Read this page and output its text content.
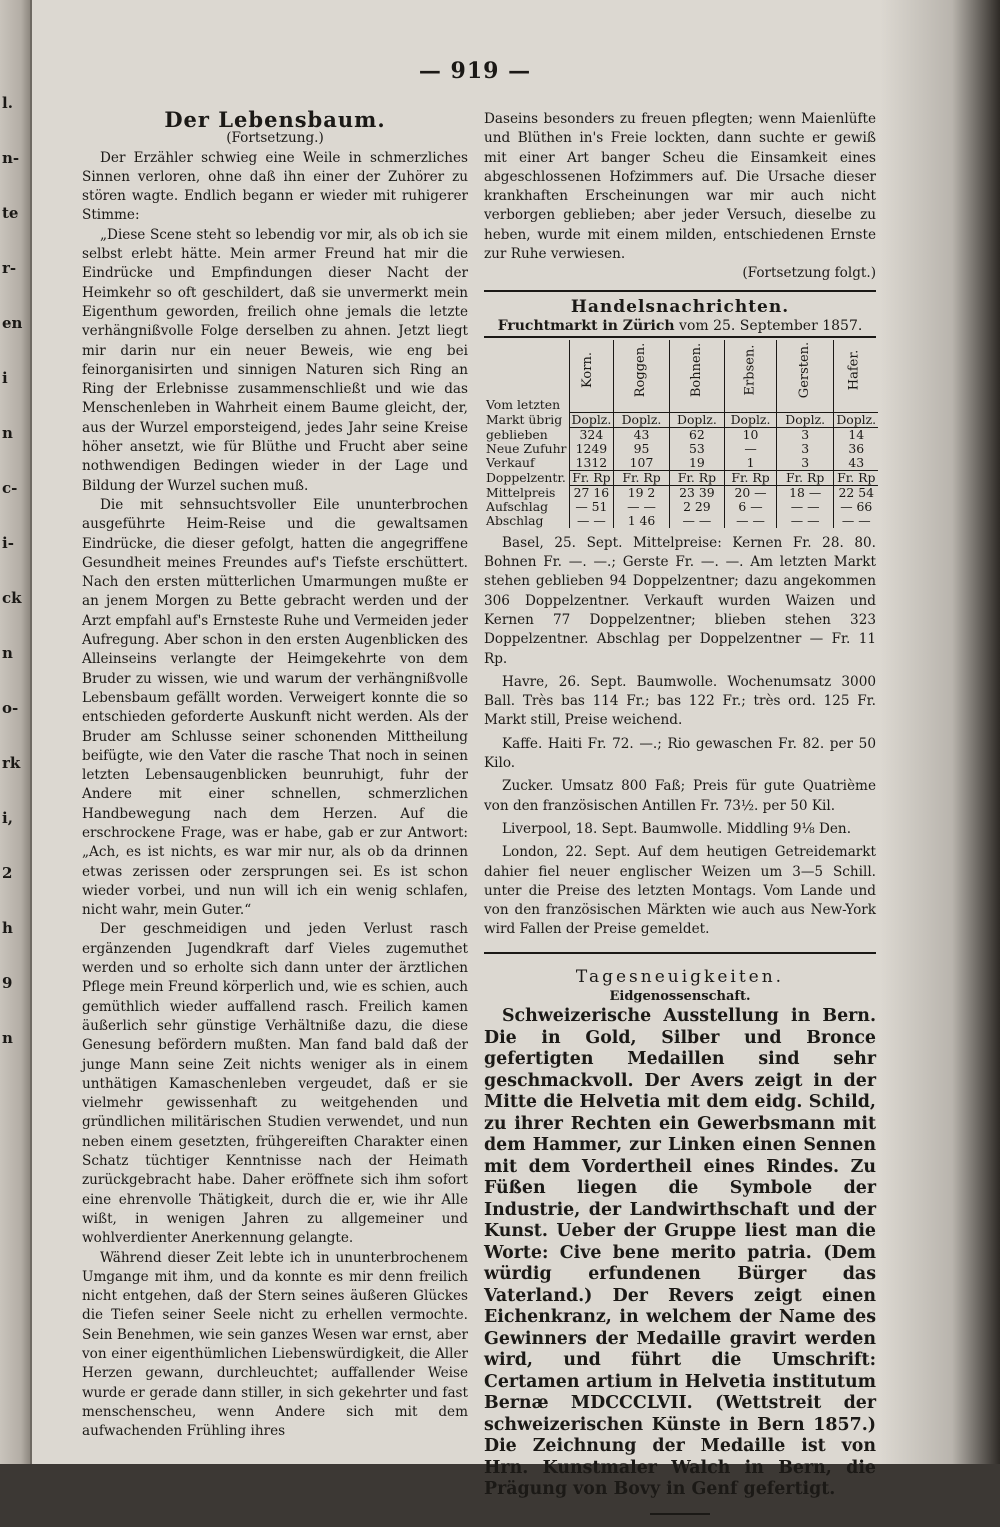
l.
n-
te
r-
en
i
n
c-
i-
ck
n
o-
rk
i,
2
h
9
n
— 919 —

Der Lebensbaum.

(Fortsetzung.)

Der Erzähler schwieg eine Weile in schmerzliches Sinnen verloren, ohne daß ihn einer der Zuhörer zu stören wagte. Endlich begann er wieder mit ruhigerer Stimme:

„Diese Scene steht so lebendig vor mir, als ob ich sie selbst erlebt hätte. Mein armer Freund hat mir die Eindrücke und Empfindungen dieser Nacht der Heimkehr so oft geschildert, daß sie unvermerkt mein Eigenthum geworden, freilich ohne jemals die letzte verhängnißvolle Folge derselben zu ahnen. Jetzt liegt mir darin nur ein neuer Beweis, wie eng bei feinorganisirten und sinnigen Naturen sich Ring an Ring der Erlebnisse zusammenschließt und wie das Menschenleben in Wahrheit einem Baume gleicht, der, aus der Wurzel emporsteigend, jedes Jahr seine Kreise höher ansetzt, wie für Blüthe und Frucht aber seine nothwendigen Bedingen wieder in der Lage und Bildung der Wurzel suchen muß.

Die mit sehnsuchtsvoller Eile ununterbrochen ausgeführte Heim-Reise und die gewaltsamen Eindrücke, die dieser gefolgt, hatten die angegriffene Gesundheit meines Freundes auf's Tiefste erschüttert. Nach den ersten mütterlichen Umarmungen mußte er an jenem Morgen zu Bette gebracht werden und der Arzt empfahl auf's Ernsteste Ruhe und Vermeiden jeder Aufregung. Aber schon in den ersten Augenblicken des Alleinseins verlangte der Heimgekehrte von dem Bruder zu wissen, wie und warum der verhängnißvolle Lebensbaum gefällt worden. Verweigert konnte die so entschieden geforderte Auskunft nicht werden. Als der Bruder am Schlusse seiner schonenden Mittheilung beifügte, wie den Vater die rasche That noch in seinen letzten Lebensaugenblicken beunruhigt, fuhr der Andere mit einer schnellen, schmerzlichen Handbewegung nach dem Herzen. Auf die erschrockene Frage, was er habe, gab er zur Antwort: „Ach, es ist nichts, es war mir nur, als ob da drinnen etwas zerissen oder zersprungen sei. Es ist schon wieder vorbei, und nun will ich ein wenig schlafen, nicht wahr, mein Guter.“

Der geschmeidigen und jeden Verlust rasch ergänzenden Jugendkraft darf Vieles zugemuthet werden und so erholte sich dann unter der ärztlichen Pflege mein Freund körperlich und, wie es schien, auch gemüthlich wieder auffallend rasch. Freilich kamen äußerlich sehr günstige Verhältniße dazu, die diese Genesung befördern mußten. Man fand bald daß der junge Mann seine Zeit nichts weniger als in einem unthätigen Kamaschenleben vergeudet, daß er sie vielmehr gewissenhaft zu weitgehenden und gründlichen militärischen Studien verwendet, und nun neben einem gesetzten, frühgereiften Charakter einen Schatz tüchtiger Kenntnisse nach der Heimath zurückgebracht habe. Daher eröffnete sich ihm sofort eine ehrenvolle Thätigkeit, durch die er, wie ihr Alle wißt, in wenigen Jahren zu allgemeiner und wohlverdienter Anerkennung gelangte.

Während dieser Zeit lebte ich in ununterbrochenem Umgange mit ihm, und da konnte es mir denn freilich nicht entgehen, daß der Stern seines äußeren Glückes die Tiefen seiner Seele nicht zu erhellen vermochte. Sein Benehmen, wie sein ganzes Wesen war ernst, aber von einer eigenthümlichen Liebenswürdigkeit, die Aller Herzen gewann, durchleuchtet; auffallender Weise wurde er gerade dann stiller, in sich gekehrter und fast menschenscheu, wenn Andere sich mit dem aufwachenden Frühling ihres

Daseins besonders zu freuen pflegten; wenn Maienlüfte und Blüthen in's Freie lockten, dann suchte er gewiß mit einer Art banger Scheu die Einsamkeit eines abgeschlossenen Hofzimmers auf. Die Ursache dieser krankhaften Erscheinungen war mir auch nicht verborgen geblieben; aber jeder Versuch, dieselbe zu heben, wurde mit einem milden, entschiedenen Ernste zur Ruhe verwiesen.

(Fortsetzung folgt.)

Handelsnachrichten.

Fruchtmarkt in Zürich vom 25. September 1857.

	Korn.	Roggen.	Bohnen.	Erbsen.	Gersten.	Hafer.
Vom letzten						
Markt übrig	Doplz.	Doplz.	Doplz.	Doplz.	Doplz.	Doplz.
geblieben	324	43	62	10	3	14
Neue Zufuhr	1249	95	53	—	3	36
Verkauf	1312	107	19	1	3	43
Doppelzentr.	Fr. Rp	Fr. Rp	Fr. Rp	Fr. Rp	Fr. Rp	Fr. Rp
Mittelpreis	27 16	19 2	23 39	20 —	18 —	22 54
Aufschlag	— 51	— —	2 29	6 —	— —	— 66
Abschlag	— —	1 46	— —	— —	— —	— —

Basel, 25. Sept. Mittelpreise: Kernen Fr. 28. 80. Bohnen Fr. —. —.; Gerste Fr. —. —. Am letzten Markt stehen geblieben 94 Doppelzentner; dazu angekommen 306 Doppelzentner. Verkauft wurden Waizen und Kernen 77 Doppelzentner; blieben stehen 323 Doppelzentner. Abschlag per Doppelzentner — Fr. 11 Rp.

Havre, 26. Sept. Baumwolle. Wochenumsatz 3000 Ball. Très bas 114 Fr.; bas 122 Fr.; très ord. 125 Fr. Markt still, Preise weichend.

Kaffe. Haiti Fr. 72. —.; Rio gewaschen Fr. 82. per 50 Kilo.

Zucker. Umsatz 800 Faß; Preis für gute Quatrième von den französischen Antillen Fr. 73½. per 50 Kil.

Liverpool, 18. Sept. Baumwolle. Middling 9⅛ Den.

London, 22. Sept. Auf dem heutigen Getreidemarkt dahier fiel neuer englischer Weizen um 3—5 Schill. unter die Preise des letzten Montags. Vom Lande und von den französischen Märkten wie auch aus New-York wird Fallen der Preise gemeldet.

Tagesneuigkeiten.

Eidgenossenschaft.

Schweizerische Ausstellung in Bern. Die in Gold, Silber und Bronce gefertigten Medaillen sind sehr geschmackvoll. Der Avers zeigt in der Mitte die Helvetia mit dem eidg. Schild, zu ihrer Rechten ein Gewerbsmann mit dem Hammer, zur Linken einen Sennen mit dem Vordertheil eines Rindes. Zu Füßen liegen die Symbole der Industrie, der Landwirthschaft und der Kunst. Ueber der Gruppe liest man die Worte: Cive bene merito patria. (Dem würdig erfundenen Bürger das Vaterland.) Der Revers zeigt einen Eichenkranz, in welchem der Name des Gewinners der Medaille gravirt werden wird, und führt die Umschrift: Certamen artium in Helvetia institutum Bernæ MDCCCLVII. (Wettstreit der schweizerischen Künste in Bern 1857.) Die Zeichnung der Medaille ist von Hrn. Kunstmaler Walch in Bern, die Prägung von Bovy in Genf gefertigt.
